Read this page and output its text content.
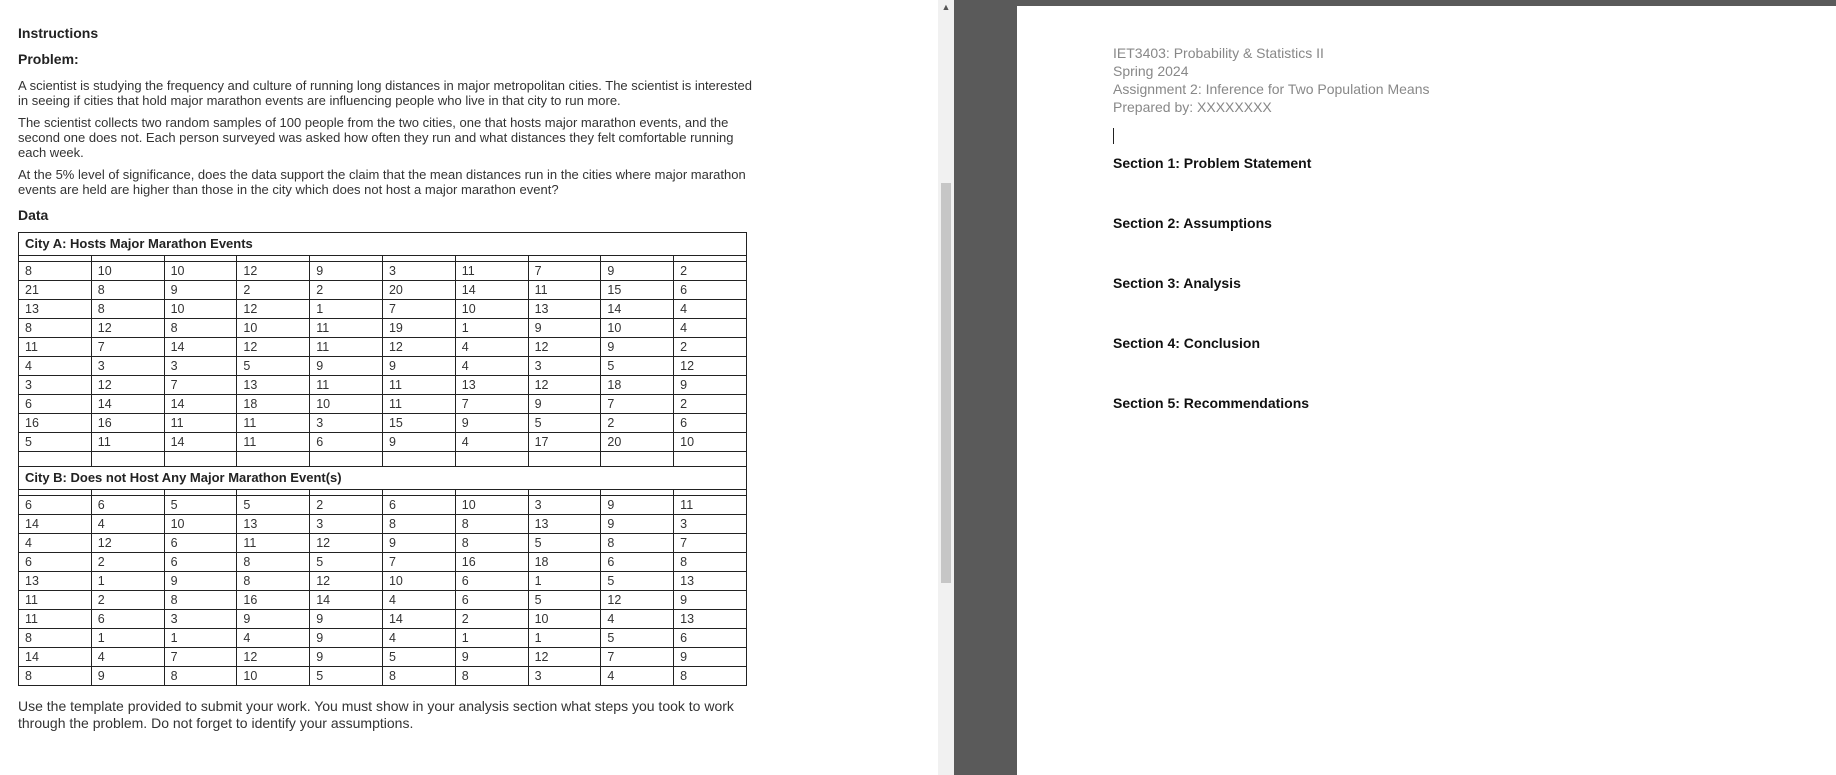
Instructions
Problem:

A scientist is studying the frequency and culture of running long distances in major metropolitan cities. The scientist is interested in seeing if cities that hold major marathon events are influencing people who live in that city to run more.

The scientist collects two random samples of 100 people from the two cities, one that hosts major marathon events, and the second one does not. Each person surveyed was asked how often they run and what distances they felt comfortable running each week.

At the 5% level of significance, does the data support the claim that the mean distances run in the cities where major marathon events are held are higher than those in the city which does not host a major marathon event?

Data
City A: Hosts Major Marathon Events									

8	10	10	12	9	3	11	7	9	2
21	8	9	2	2	20	14	11	15	6
13	8	10	12	1	7	10	13	14	4
8	12	8	10	11	19	1	9	10	4
11	7	14	12	11	12	4	12	9	2
4	3	3	5	9	9	4	3	5	12
3	12	7	13	11	11	13	12	18	9
6	14	14	18	10	11	7	9	7	2
16	16	11	11	3	15	9	5	2	6
5	11	14	11	6	9	4	17	20	10

City B: Does not Host Any Major Marathon Event(s)									

6	6	5	5	2	6	10	3	9	11
14	4	10	13	3	8	8	13	9	3
4	12	6	11	12	9	8	5	8	7
6	2	6	8	5	7	16	18	6	8
13	1	9	8	12	10	6	1	5	13
11	2	8	16	14	4	6	5	12	9
11	6	3	9	9	14	2	10	4	13
8	1	1	4	9	4	1	1	5	6
14	4	7	12	9	5	9	12	7	9
8	9	8	10	5	8	8	3	4	8
Use the template provided to submit your work. You must show in your analysis section what steps you took to work through the problem. Do not forget to identify your assumptions.
▲
IET3403: Probability & Statistics II
Spring 2024
Assignment 2: Inference for Two Population Means
Prepared by: XXXXXXXX
Section 1: Problem Statement
Section 2: Assumptions
Section 3: Analysis
Section 4: Conclusion
Section 5: Recommendations
